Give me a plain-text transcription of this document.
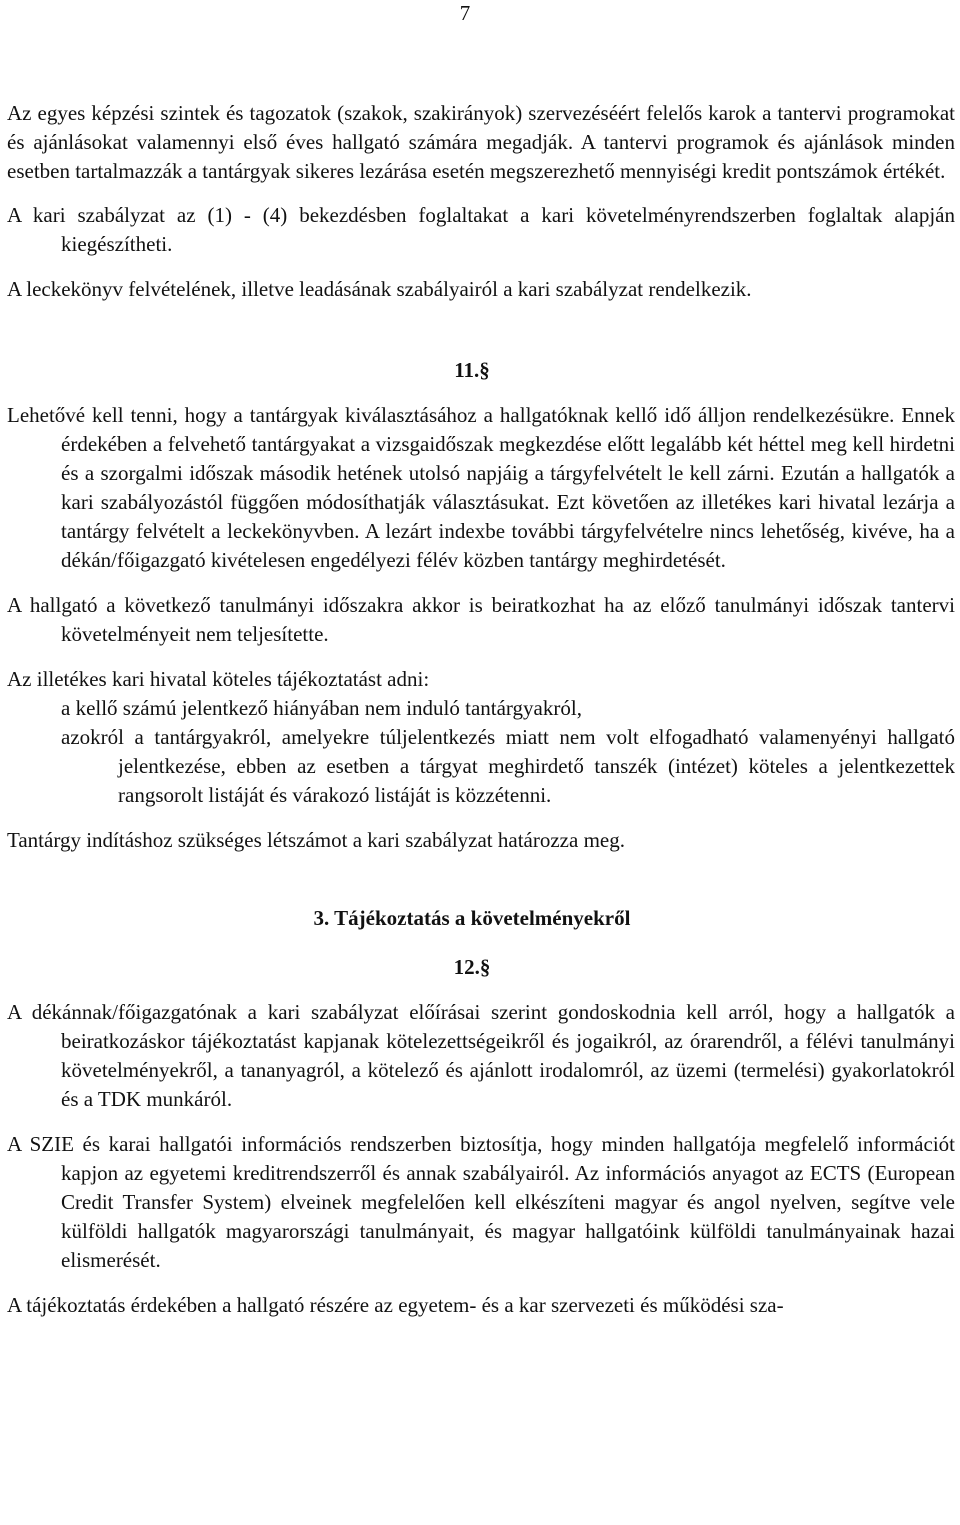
7

Az egyes képzési szintek és tagozatok (szakok, szakirányok) szervezéséért felelős karok a tantervi programokat és ajánlásokat valamennyi első éves hallgató számára megadják. A tantervi programok és ajánlások minden esetben tartalmazzák a tantárgyak sikeres lezárása esetén megszerezhető mennyiségi kredit pontszámok értékét.

A kari szabályzat az (1) - (4) bekezdésben foglaltakat a kari követelményrendszerben foglaltak alapján kiegészítheti.

A leckekönyv felvételének, illetve leadásának szabályairól a kari szabályzat rendelkezik.

11.§

Lehetővé kell tenni, hogy a tantárgyak kiválasztásához a hallgatóknak kellő idő álljon rendelkezésükre. Ennek érdekében a felvehető tantárgyakat a vizsgaidőszak megkezdése előtt legalább két héttel meg kell hirdetni és a szorgalmi időszak második hetének utolsó napjáig a tárgyfelvételt le kell zárni. Ezután a hallgatók a kari szabályozástól függően módosíthatják választásukat. Ezt követően az illetékes kari hivatal lezárja a tantárgy felvételt a leckekönyvben. A lezárt indexbe további tárgyfelvételre nincs lehetőség, kivéve, ha a dékán/főigazgató kivételesen engedélyezi félév közben tantárgy meghirdetését.

A hallgató a következő tanulmányi időszakra akkor is beiratkozhat ha az előző tanulmányi időszak tantervi követelményeit nem teljesítette.

Az illetékes kari hivatal köteles tájékoztatást adni:

a kellő számú jelentkező hiányában nem induló tantárgyakról,

azokról a tantárgyakról, amelyekre túljelentkezés miatt nem volt elfogadható valamenyényi hallgató jelentkezése, ebben az esetben a tárgyat meghirdető tanszék (intézet) köteles a jelentkezettek rangsorolt listáját és várakozó listáját is közzétenni.

Tantárgy indításhoz szükséges létszámot a kari szabályzat határozza meg.

3. Tájékoztatás a követelményekről

12.§

A dékánnak/főigazgatónak a kari szabályzat előírásai szerint gondoskodnia kell arról, hogy a hallgatók a beiratkozáskor tájékoztatást kapjanak kötelezettségeikről és jogaikról, az órarendről, a félévi tanulmányi követelményekről, a tananyagról, a kötelező és ajánlott irodalomról, az üzemi (termelési) gyakorlatokról és a TDK munkáról.

A SZIE és karai hallgatói információs rendszerben biztosítja, hogy minden hallgatója megfelelő információt kapjon az egyetemi kreditrendszerről és annak szabályairól. Az információs anyagot az ECTS (European Credit Transfer System) elveinek megfelelően kell elkészíteni magyar és angol nyelven, segítve vele külföldi hallgatók magyarországi tanulmányait, és magyar hallgatóink külföldi tanulmányainak hazai elismerését.

A tájékoztatás érdekében a hallgató részére az egyetem- és a kar szervezeti és működési sza-
